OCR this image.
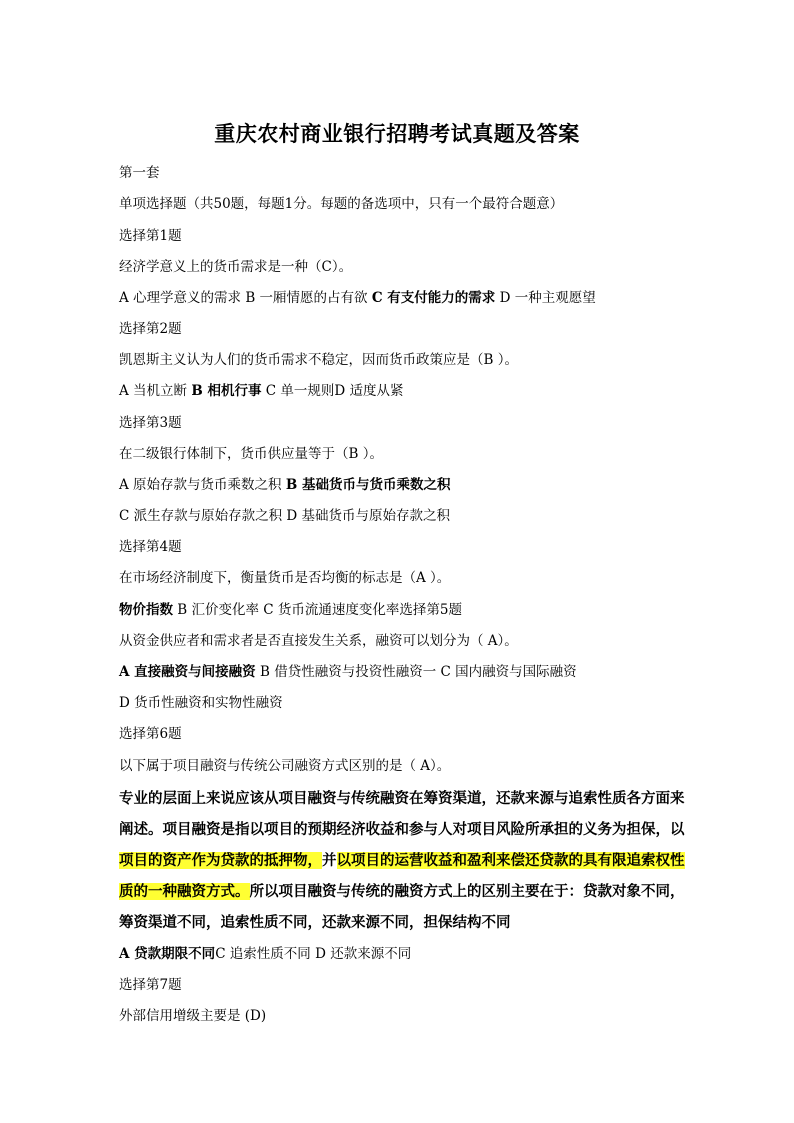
重庆农村商业银行招聘考试真题及答案
第一套
单项选择题（共50题，每题1分。每题的备选项中，只有一个最符合题意）
选择第1题
经济学意义上的货币需求是一种（C）。
A 心理学意义的需求 B 一厢情愿的占有欲 C 有支付能力的需求 D 一种主观愿望
选择第2题
凯恩斯主义认为人们的货币需求不稳定，因而货币政策应是（B ）。
A 当机立断 B 相机行事 C 单一规则D 适度从紧
选择第3题
在二级银行体制下，货币供应量等于（B ）。
A 原始存款与货币乘数之积 B 基础货币与货币乘数之积
C 派生存款与原始存款之积 D 基础货币与原始存款之积
选择第4题
在市场经济制度下，衡量货币是否均衡的标志是（A ）。
物价指数 B 汇价变化率 C 货币流通速度变化率选择第5题
从资金供应者和需求者是否直接发生关系，融资可以划分为（ A）。
A 直接融资与间接融资 B 借贷性融资与投资性融资一 C 国内融资与国际融资
D 货币性融资和实物性融资
选择第6题
以下属于项目融资与传统公司融资方式区别的是（ A）。
专业的层面上来说应该从项目融资与传统融资在筹资渠道，还款来源与追索性质各方面来
阐述。项目融资是指以项目的预期经济收益和参与人对项目风险所承担的义务为担保，以
项目的资产作为贷款的抵押物，并以项目的运营收益和盈利来偿还贷款的具有限追索权性
质的一种融资方式。所以项目融资与传统的融资方式上的区别主要在于：贷款对象不同，
筹资渠道不同，追索性质不同，还款来源不同，担保结构不同
A 贷款期限不同C 追索性质不同 D 还款来源不同
选择第7题
外部信用增级主要是 (D)
